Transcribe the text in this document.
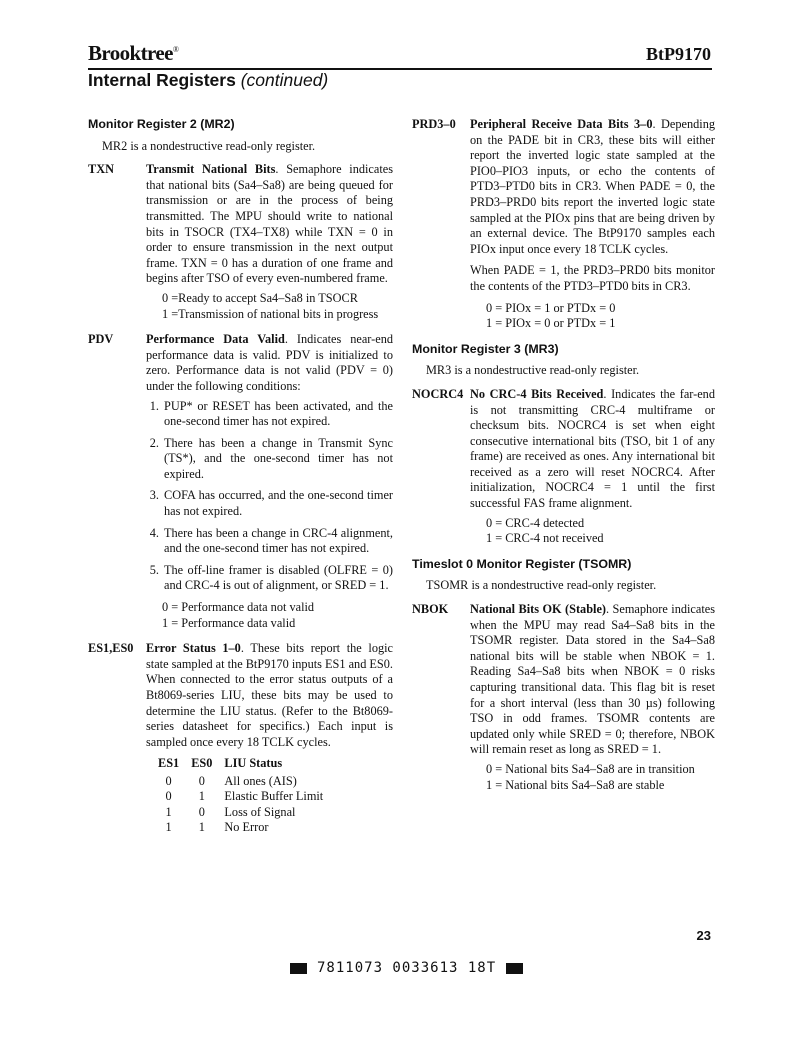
Brooktree®	BtP9170
Internal Registers (continued)
Monitor Register 2 (MR2)
MR2 is a nondestructive read-only register.
TXN	Transmit National Bits. Semaphore indicates that national bits (Sa4–Sa8) are being queued for transmission or are in the process of being transmitted. The MPU should write to national bits in TSOCR (TX4–TX8) while TXN = 0 in order to ensure transmission in the next output frame. TXN = 0 has a duration of one frame and begins after TSO of every even-numbered frame.
0 =Ready to accept Sa4–Sa8 in TSOCR
1 =Transmission of national bits in progress
PDV	Performance Data Valid. Indicates near-end performance data is valid. PDV is initialized to zero. Performance data is not valid (PDV = 0) under the following conditions:
1. PUP* or RESET has been activated, and the one-second timer has not expired.
2. There has been a change in Transmit Sync (TS*), and the one-second timer has not expired.
3. COFA has occurred, and the one-second timer has not expired.
4. There has been a change in CRC-4 alignment, and the one-second timer has not expired.
5. The off-line framer is disabled (OLFRE = 0) and CRC-4 is out of alignment, or SRED = 1.
0 = Performance data not valid
1 = Performance data valid
ES1,ES0	Error Status 1–0. These bits report the logic state sampled at the BtP9170 inputs ES1 and ES0. When connected to the error status outputs of a Bt8069-series LIU, these bits may be used to determine the LIU status. (Refer to the Bt8069-series datasheet for specifics.) Each input is sampled once every 18 TCLK cycles.
ES1	ES0	LIU Status
0	0	All ones (AIS)
0	1	Elastic Buffer Limit
1	0	Loss of Signal
1	1	No Error
PRD3–0	Peripheral Receive Data Bits 3–0. Depending on the PADE bit in CR3, these bits will either report the inverted logic state sampled at the PIO0–PIO3 inputs, or echo the contents of PTD3–PTD0 bits in CR3. When PADE = 0, the PRD3–PRD0 bits report the inverted logic state sampled at the PIOx pins that are being driven by an external device. The BtP9170 samples each PIOx input once every 18 TCLK cycles.

When PADE = 1, the PRD3–PRD0 bits monitor the contents of the PTD3–PTD0 bits in CR3.

0 = PIOx = 1 or PTDx = 0
1 = PIOx = 0 or PTDx = 1
Monitor Register 3 (MR3)
MR3 is a nondestructive read-only register.
NOCRC4 No CRC-4 Bits Received. Indicates the far-end is not transmitting CRC-4 multiframe or checksum bits. NOCRC4 is set when eight consecutive international bits (TSO, bit 1 of any frame) are received as ones. Any international bit received as a zero will reset NOCRC4. After initialization, NOCRC4 = 1 until the first successful FAS frame alignment.
0 = CRC-4 detected
1 = CRC-4 not received
Timeslot 0 Monitor Register (TSOMR)
TSOMR is a nondestructive read-only register.
NBOK	National Bits OK (Stable). Semaphore indicates when the MPU may read Sa4–Sa8 bits in the TSOMR register. Data stored in the Sa4–Sa8 national bits will be stable when NBOK = 1. Reading Sa4–Sa8 bits when NBOK = 0 risks capturing transitional data. This flag bit is reset for a short interval (less than 30 µs) following TSO in odd frames. TSOMR contents are updated only while SRED = 0; therefore, NBOK will remain reset as long as SRED = 1.
0 = National bits Sa4–Sa8 are in transition
1 = National bits Sa4–Sa8 are stable
23
7811073 0033613 18T
